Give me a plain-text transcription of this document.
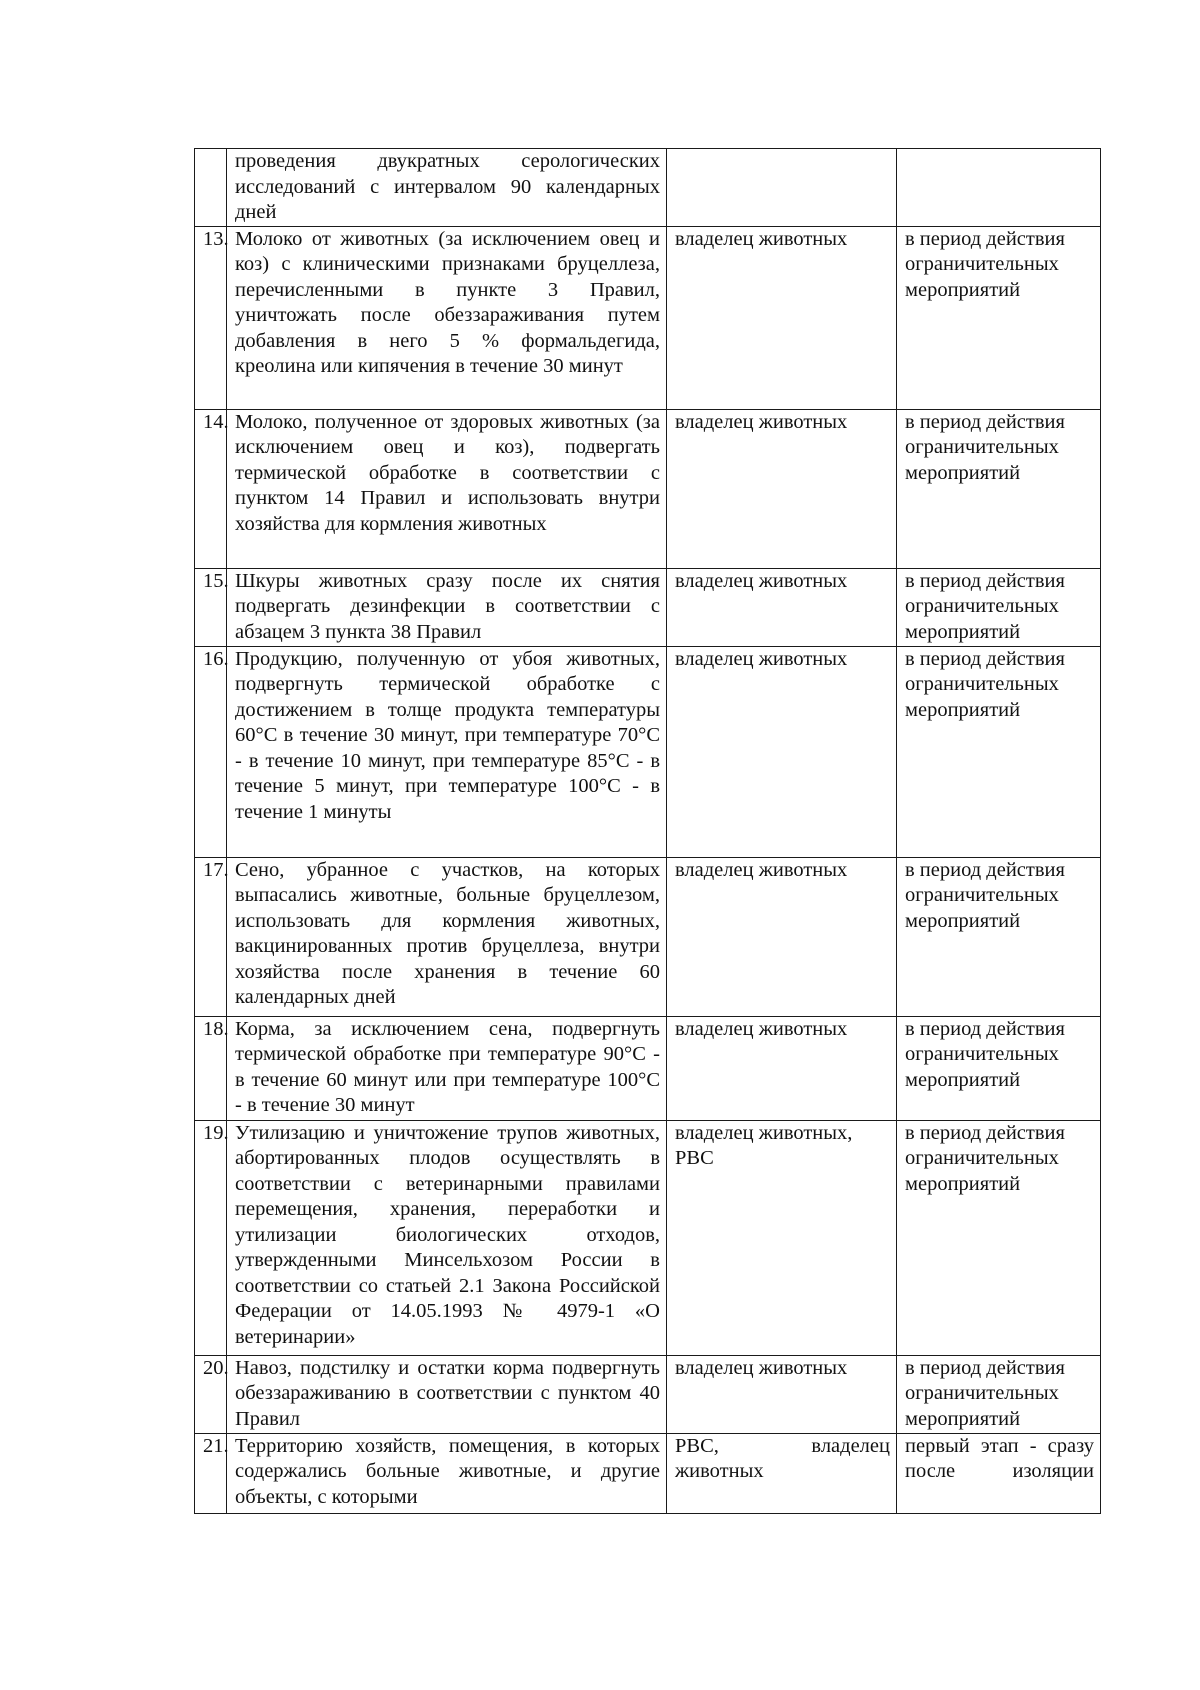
	проведения двукратных серологических исследований с интервалом 90 календарных дней		
13.	Молоко от животных (за исключением овец и коз) с клиническими признаками бруцеллеза, перечисленными в пункте 3 Правил, уничтожать после обеззараживания путем добавления в него 5 % формальдегида, креолина или кипячения в течение 30 минут	владелец животных	в период действия ограничительных мероприятий
14.	Молоко, полученное от здоровых животных (за исключением овец и коз), подвергать термической обработке в соответствии с пунктом 14 Правил и использовать внутри хозяйства для кормления животных	владелец животных	в период действия ограничительных мероприятий
15.	Шкуры животных сразу после их снятия подвергать дезинфекции в соответствии с абзацем 3 пункта 38 Правил	владелец животных	в период действия ограничительных мероприятий
16.	Продукцию, полученную от убоя животных, подвергнуть термической обработке с достижением в толще продукта температуры 60°C в течение 30 минут, при температуре 70°C - в течение 10 минут, при температуре 85°C - в течение 5 минут, при температуре 100°C - в течение 1 минуты	владелец животных	в период действия ограничительных мероприятий
17.	Сено, убранное с участков, на которых выпасались животные, больные бруцеллезом, использовать для кормления животных, вакцинированных против бруцеллеза, внутри хозяйства после хранения в течение 60 календарных дней	владелец животных	в период действия ограничительных мероприятий
18.	Корма, за исключением сена, подвергнуть термической обработке при температуре 90°C - в течение 60 минут или при температуре 100°C - в течение 30 минут	владелец животных	в период действия ограничительных мероприятий
19.	Утилизацию и уничтожение трупов животных, абортированных плодов осуществлять в соответствии с ветеринарными правилами перемещения, хранения, переработки и утилизации биологических отходов, утвержденными Минсельхозом России в соответствии со статьей 2.1 Закона Российской Федерации от 14.05.1993 № 4979-1 «О ветеринарии»	владелец животных, РВС	в период действия ограничительных мероприятий
20.	Навоз, подстилку и остатки корма подвергнуть обеззараживанию в соответствии с пунктом 40 Правил	владелец животных	в период действия ограничительных мероприятий
21.	Территорию хозяйств, помещения, в которых содержались больные животные, и другие объекты, с которыми	РВС, владелец животных	первый этап - сразу после изоляции
